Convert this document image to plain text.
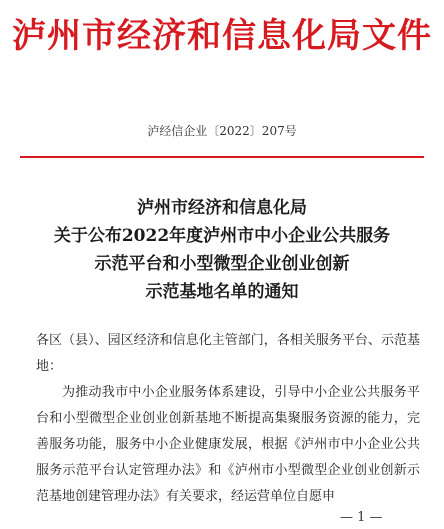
泸州市经济和信息化局文件
泸经信企业〔2022〕207号
泸州市经济和信息化局
关于公布2022年度泸州市中小企业公共服务
示范平台和小型微型企业创业创新
示范基地名单的通知

各区（县）、园区经济和信息化主管部门，各相关服务平台、示范基地：

为推动我市中小企业服务体系建设，引导中小企业公共服务平台和小型微型企业创业创新基地不断提高集聚服务资源的能力，完善服务功能，服务中小企业健康发展，根据《泸州市中小企业公共服务示范平台认定管理办法》和《泸州市小型微型企业创业创新示范基地创建管理办法》有关要求，经运营单位自愿申

— 1 —
